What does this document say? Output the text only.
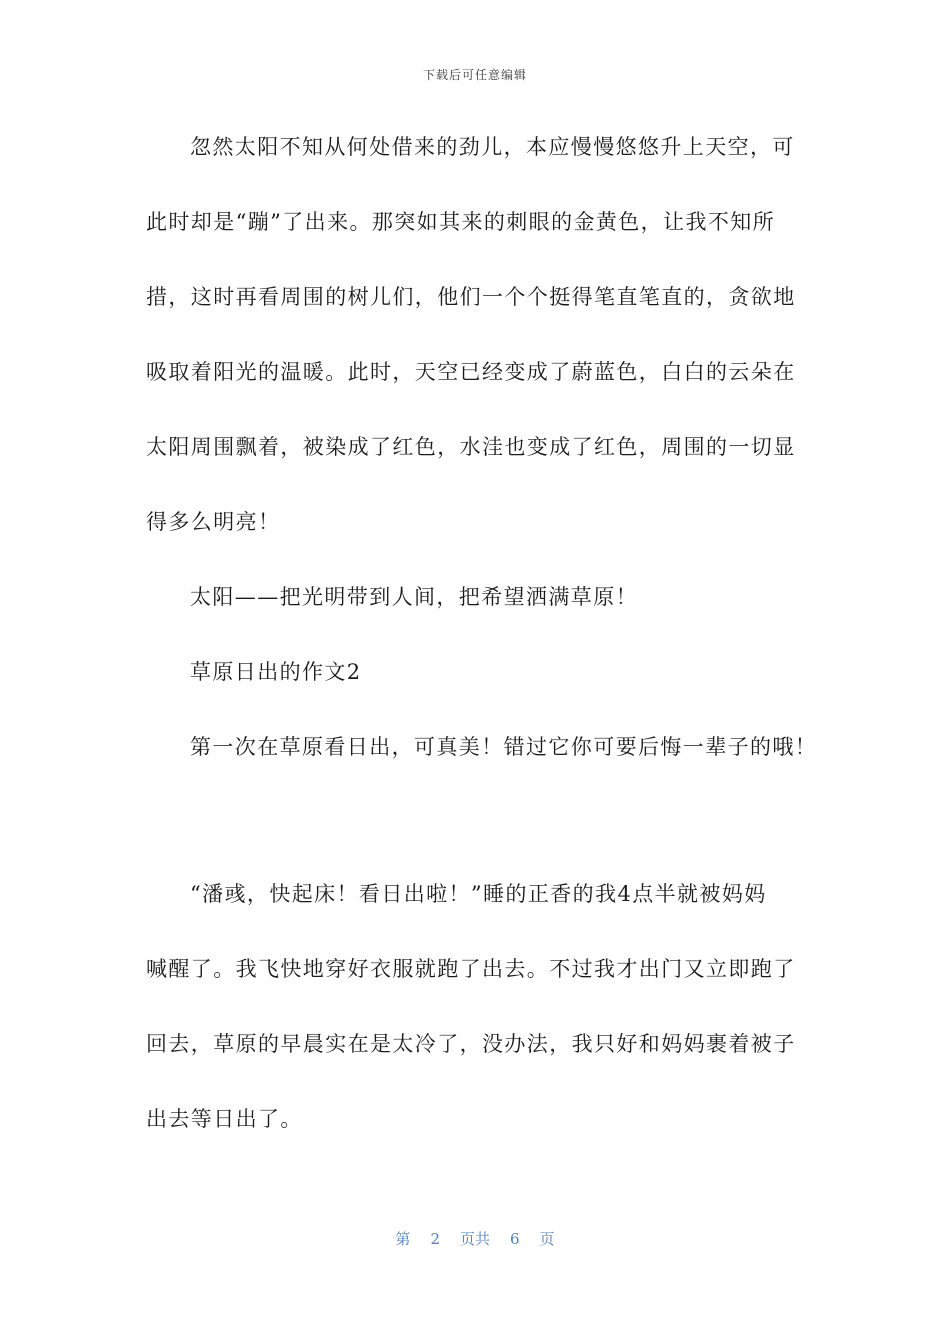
下载后可任意编辑
忽然太阳不知从何处借来的劲儿，本应慢慢悠悠升上天空，可
此时却是“蹦”了出来。那突如其来的刺眼的金黄色，让我不知所
措，这时再看周围的树儿们，他们一个个挺得笔直笔直的，贪欲地
吸取着阳光的温暖。此时，天空已经变成了蔚蓝色，白白的云朵在
太阳周围飘着，被染成了红色，水洼也变成了红色，周围的一切显
得多么明亮！
太阳——把光明带到人间，把希望洒满草原！
草原日出的作文2
第一次在草原看日出，可真美！错过它你可要后悔一辈子的哦！
“潘彧，快起床！看日出啦！”睡的正香的我4点半就被妈妈
喊醒了。我飞快地穿好衣服就跑了出去。不过我才出门又立即跑了
回去，草原的早晨实在是太冷了，没办法，我只好和妈妈裹着被子
出去等日出了。
第 2 页共 6 页
